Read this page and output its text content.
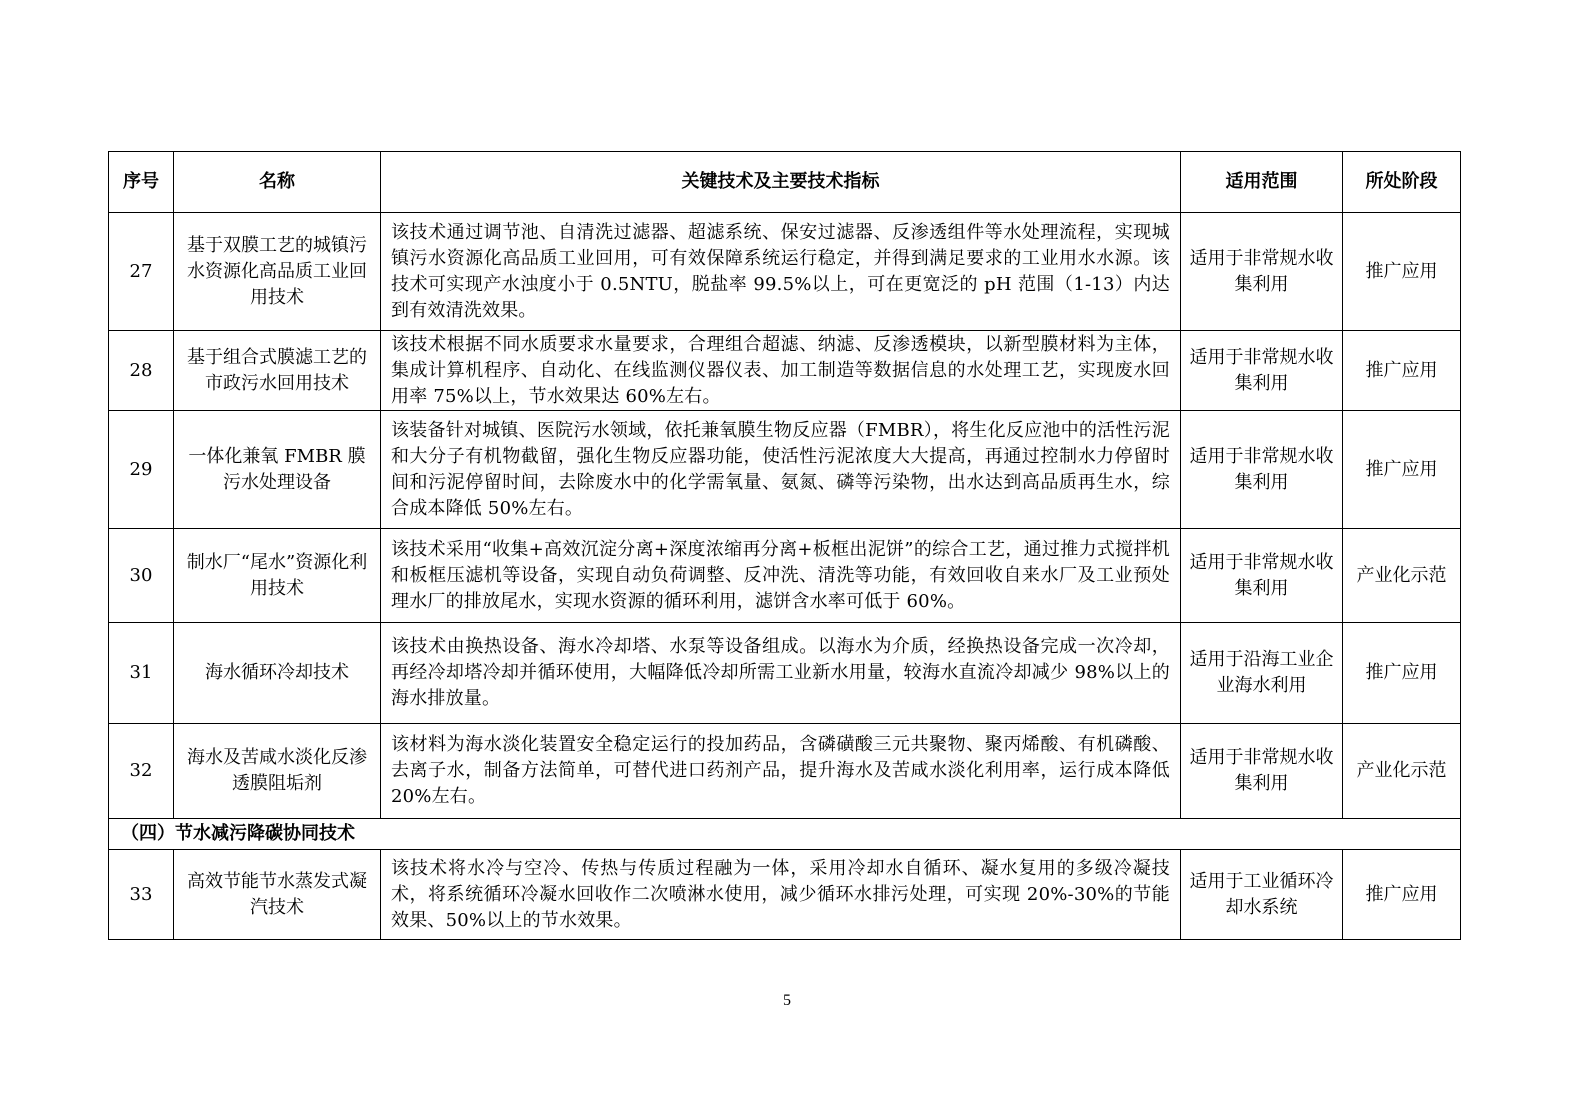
序号	名称	关键技术及主要技术指标	适用范围	所处阶段
27	基于双膜工艺的城镇污水资源化高品质工业回用技术	该技术通过调节池、自清洗过滤器、超滤系统、保安过滤器、反渗透组件等水处理流程，实现城镇污水资源化高品质工业回用，可有效保障系统运行稳定，并得到满足要求的工业用水水源。该技术可实现产水浊度小于 0.5NTU，脱盐率 99.5%以上，可在更宽泛的 pH 范围（1-13）内达到有效清洗效果。	适用于非常规水收集利用	推广应用
28	基于组合式膜滤工艺的市政污水回用技术	该技术根据不同水质要求水量要求，合理组合超滤、纳滤、反渗透模块，以新型膜材料为主体，集成计算机程序、自动化、在线监测仪器仪表、加工制造等数据信息的水处理工艺，实现废水回用率 75%以上，节水效果达 60%左右。	适用于非常规水收集利用	推广应用
29	一体化兼氧 FMBR 膜污水处理设备	该装备针对城镇、医院污水领域，依托兼氧膜生物反应器（FMBR），将生化反应池中的活性污泥和大分子有机物截留，强化生物反应器功能，使活性污泥浓度大大提高，再通过控制水力停留时间和污泥停留时间，去除废水中的化学需氧量、氨氮、磷等污染物，出水达到高品质再生水，综合成本降低 50%左右。	适用于非常规水收集利用	推广应用
30	制水厂“尾水”资源化利用技术	该技术采用“收集+高效沉淀分离+深度浓缩再分离+板框出泥饼”的综合工艺，通过推力式搅拌机和板框压滤机等设备，实现自动负荷调整、反冲洗、清洗等功能，有效回收自来水厂及工业预处理水厂的排放尾水，实现水资源的循环利用，滤饼含水率可低于 60%。	适用于非常规水收集利用	产业化示范
31	海水循环冷却技术	该技术由换热设备、海水冷却塔、水泵等设备组成。以海水为介质，经换热设备完成一次冷却，再经冷却塔冷却并循环使用，大幅降低冷却所需工业新水用量，较海水直流冷却减少 98%以上的海水排放量。	适用于沿海工业企业海水利用	推广应用
32	海水及苦咸水淡化反渗透膜阻垢剂	该材料为海水淡化装置安全稳定运行的投加药品，含磷磺酸三元共聚物、聚丙烯酸、有机磷酸、去离子水，制备方法简单，可替代进口药剂产品，提升海水及苦咸水淡化利用率，运行成本降低 20%左右。	适用于非常规水收集利用	产业化示范
（四）节水减污降碳协同技术				
33	高效节能节水蒸发式凝汽技术	该技术将水冷与空冷、传热与传质过程融为一体，采用冷却水自循环、凝水复用的多级冷凝技术，将系统循环冷凝水回收作二次喷淋水使用，减少循环水排污处理，可实现 20%-30%的节能效果、50%以上的节水效果。	适用于工业循环冷却水系统	推广应用
5
